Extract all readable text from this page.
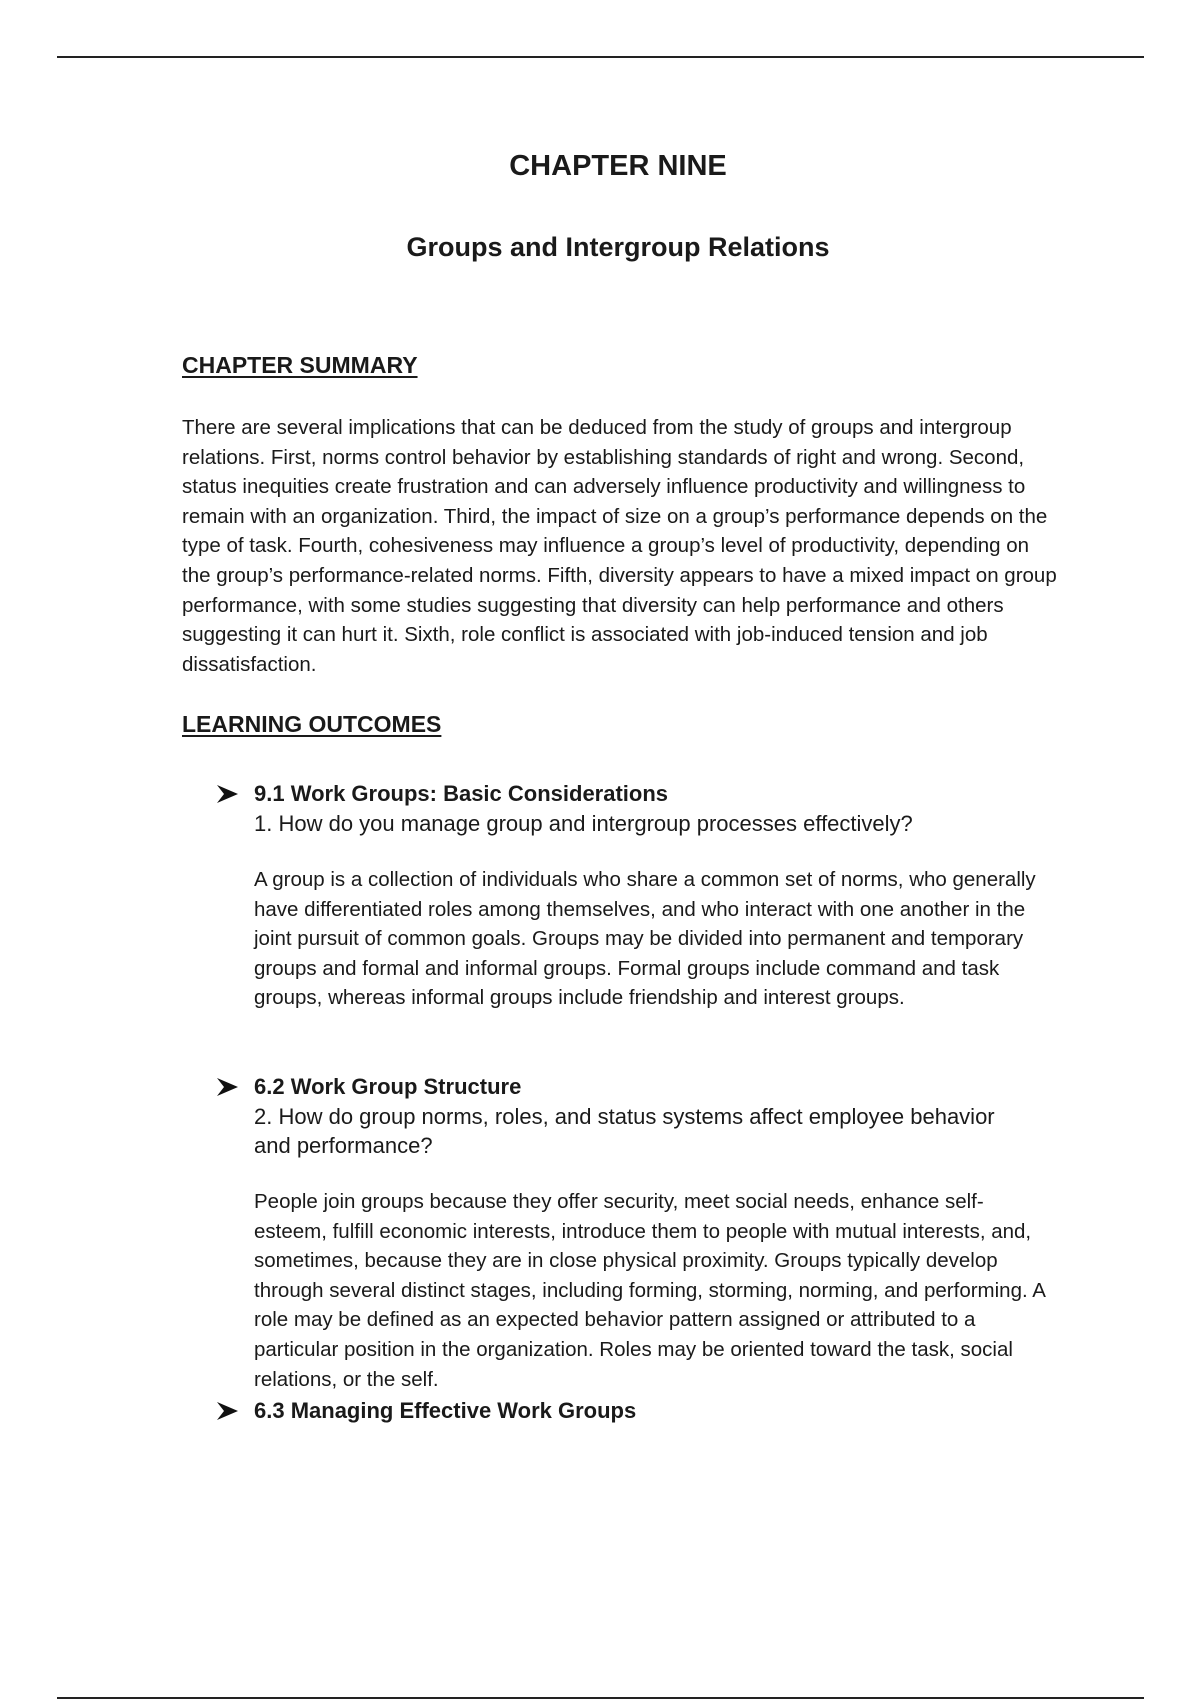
CHAPTER NINE
Groups and Intergroup Relations
CHAPTER SUMMARY

There are several implications that can be deduced from the study of groups and intergroup relations. First, norms control behavior by establishing standards of right and wrong. Second, status inequities create frustration and can adversely influence productivity and willingness to remain with an organization. Third, the impact of size on a group’s performance depends on the type of task. Fourth, cohesiveness may influence a group’s level of productivity, depending on the group’s performance-related norms. Fifth, diversity appears to have a mixed impact on group performance, with some studies suggesting that diversity can help performance and others suggesting it can hurt it. Sixth, role conflict is associated with job-induced tension and job dissatisfaction.

LEARNING OUTCOMES
9.1 Work Groups: Basic Considerations

1. How do you manage group and intergroup processes effectively?

A group is a collection of individuals who share a common set of norms, who generally have differentiated roles among themselves, and who interact with one another in the joint pursuit of common goals. Groups may be divided into permanent and temporary groups and formal and informal groups. Formal groups include command and task groups, whereas informal groups include friendship and interest groups.

6.2 Work Group Structure

2. How do group norms, roles, and status systems affect employee behavior and performance?

People join groups because they offer security, meet social needs, enhance self-esteem, fulfill economic interests, introduce them to people with mutual interests, and, sometimes, because they are in close physical proximity. Groups typically develop through several distinct stages, including forming, storming, norming, and performing. A role may be defined as an expected behavior pattern assigned or attributed to a particular position in the organization. Roles may be oriented toward the task, social relations, or the self.

6.3 Managing Effective Work Groups
